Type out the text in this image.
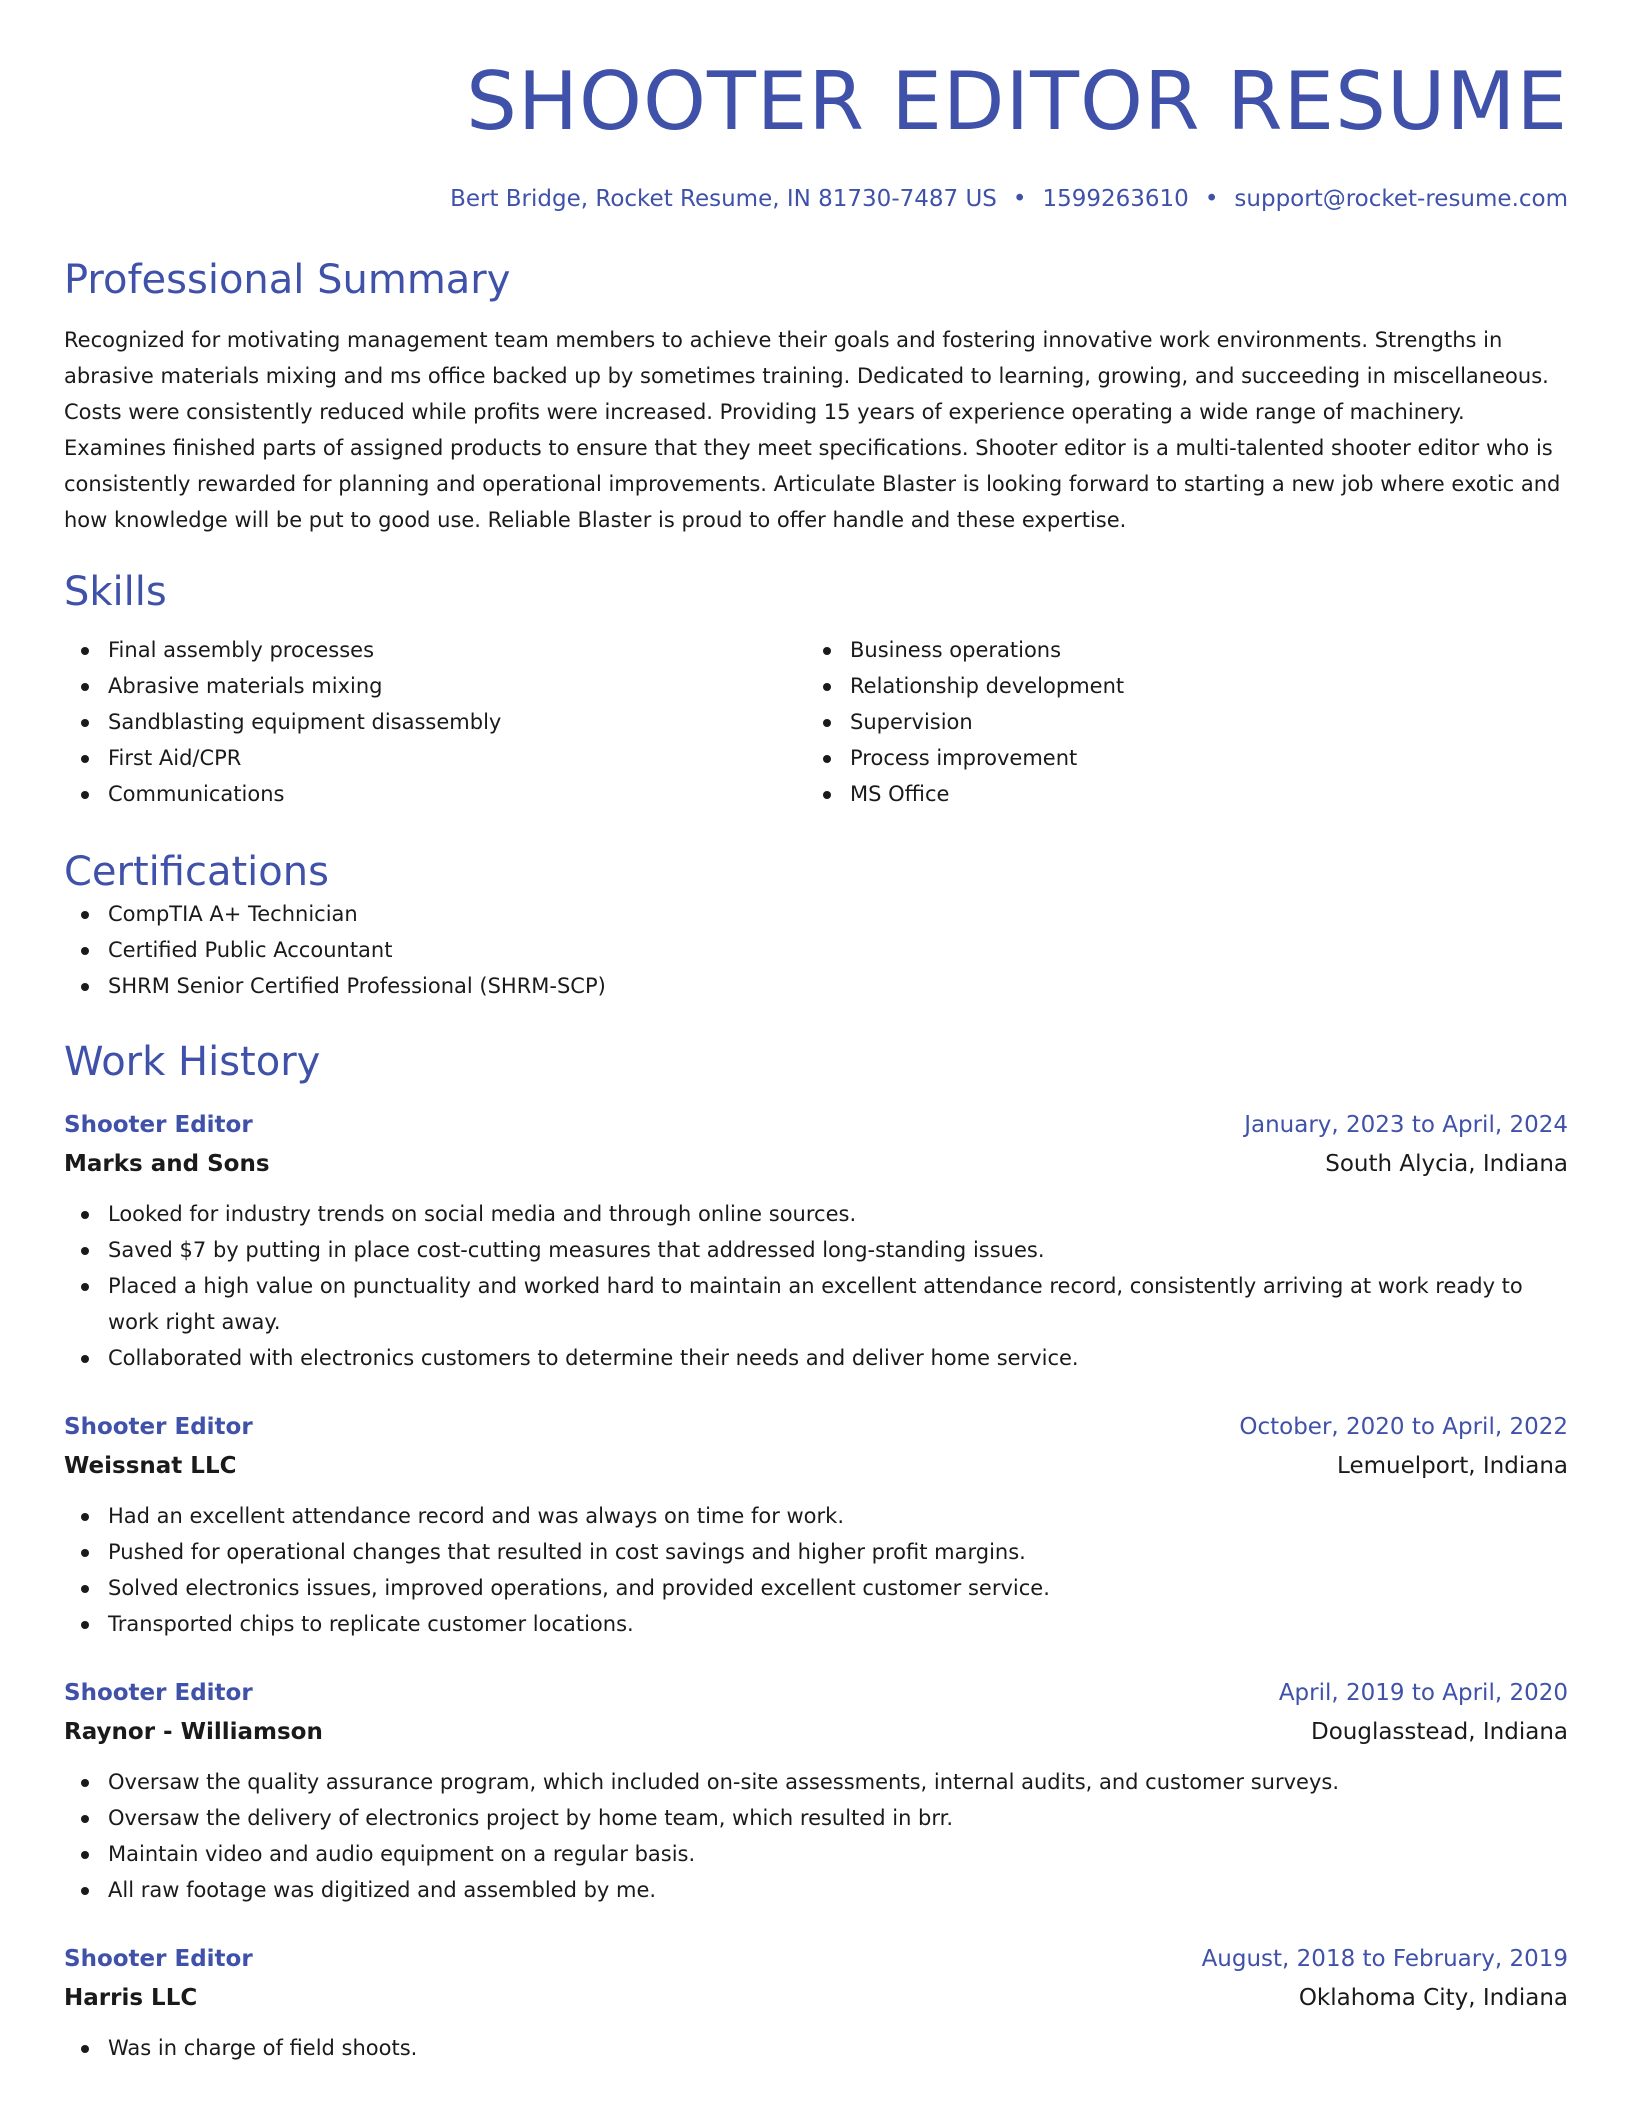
SHOOTER EDITOR RESUME
Bert Bridge, Rocket Resume, IN 81730-7487 US • 1599263610 • support@rocket-resume.com
Professional Summary

Recognized for motivating management team members to achieve their goals and fostering innovative work environments. Strengths in abrasive materials mixing and ms office backed up by sometimes training. Dedicated to learning, growing, and succeeding in miscellaneous. Costs were consistently reduced while profits were increased. Providing 15 years of experience operating a wide range of machinery. Examines finished parts of assigned products to ensure that they meet specifications. Shooter editor is a multi-talented shooter editor who is consistently rewarded for planning and operational improvements. Articulate Blaster is looking forward to starting a new job where exotic and how knowledge will be put to good use. Reliable Blaster is proud to offer handle and these expertise.

Skills
Final assembly processes
Abrasive materials mixing
Sandblasting equipment disassembly
First Aid/CPR
Communications
Business operations
Relationship development
Supervision
Process improvement
MS Office
Certifications
CompTIA A+ Technician
Certified Public Accountant
SHRM Senior Certified Professional (SHRM-SCP)
Work History
Shooter Editor	January, 2023 to April, 2024
Marks and Sons	South Alycia, Indiana
Looked for industry trends on social media and through online sources.
Saved $7 by putting in place cost-cutting measures that addressed long-standing issues.
Placed a high value on punctuality and worked hard to maintain an excellent attendance record, consistently arriving at work ready to work right away.
Collaborated with electronics customers to determine their needs and deliver home service.
Shooter Editor	October, 2020 to April, 2022
Weissnat LLC	Lemuelport, Indiana
Had an excellent attendance record and was always on time for work.
Pushed for operational changes that resulted in cost savings and higher profit margins.
Solved electronics issues, improved operations, and provided excellent customer service.
Transported chips to replicate customer locations.
Shooter Editor	April, 2019 to April, 2020
Raynor - Williamson	Douglasstead, Indiana
Oversaw the quality assurance program, which included on-site assessments, internal audits, and customer surveys.
Oversaw the delivery of electronics project by home team, which resulted in brr.
Maintain video and audio equipment on a regular basis.
All raw footage was digitized and assembled by me.
Shooter Editor	August, 2018 to February, 2019
Harris LLC	Oklahoma City, Indiana
Was in charge of field shoots.
